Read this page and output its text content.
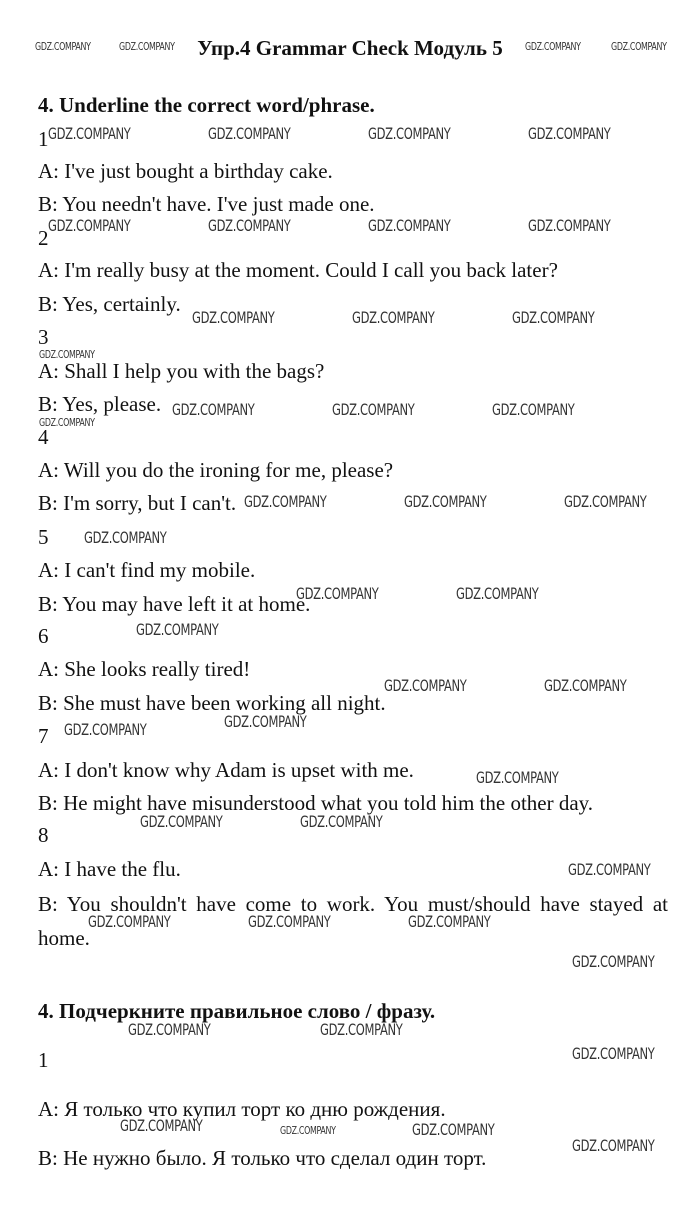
Упр.4 Grammar Check Модуль 5
4. Underline the correct word/phrase.
1
A: I've just bought a birthday cake.
B: You needn't have. I've just made one.
2
A: I'm really busy at the moment. Could I call you back later?
B: Yes, certainly.
3
A: Shall I help you with the bags?
B: Yes, please.
4
A: Will you do the ironing for me, please?
B: I'm sorry, but I can't.
5
A: I can't find my mobile.
B: You may have left it at home.
6
A: She looks really tired!
B: She must have been working all night.
7
A: I don't know why Adam is upset with me.
B: He might have misunderstood what you told him the other day.
8
A: I have the flu.
B: You shouldn't have come to work. You must/should have stayed at home.
4. Подчеркните правильное слово / фразу.
1
A: Я только что купил торт ко дню рождения.
B: Не нужно было. Я только что сделал один торт.
GDZ.COMPANY	GDZ.COMPANY	GDZ.COMPANY	GDZ.COMPANY
GDZ.COMPANY	GDZ.COMPANY	GDZ.COMPANY	GDZ.COMPANY
GDZ.COMPANY	GDZ.COMPANY	GDZ.COMPANY	GDZ.COMPANY
GDZ.COMPANY	GDZ.COMPANY	GDZ.COMPANY
GDZ.COMPANY
GDZ.COMPANY	GDZ.COMPANY	GDZ.COMPANY
GDZ.COMPANY
GDZ.COMPANY	GDZ.COMPANY	GDZ.COMPANY
GDZ.COMPANY
GDZ.COMPANY	GDZ.COMPANY
GDZ.COMPANY
GDZ.COMPANY	GDZ.COMPANY
GDZ.COMPANY
GDZ.COMPANY
GDZ.COMPANY
GDZ.COMPANY	GDZ.COMPANY
GDZ.COMPANY
GDZ.COMPANY	GDZ.COMPANY	GDZ.COMPANY
GDZ.COMPANY
GDZ.COMPANY	GDZ.COMPANY
GDZ.COMPANY
GDZ.COMPANY	GDZ.COMPANY	GDZ.COMPANY
GDZ.COMPANY
